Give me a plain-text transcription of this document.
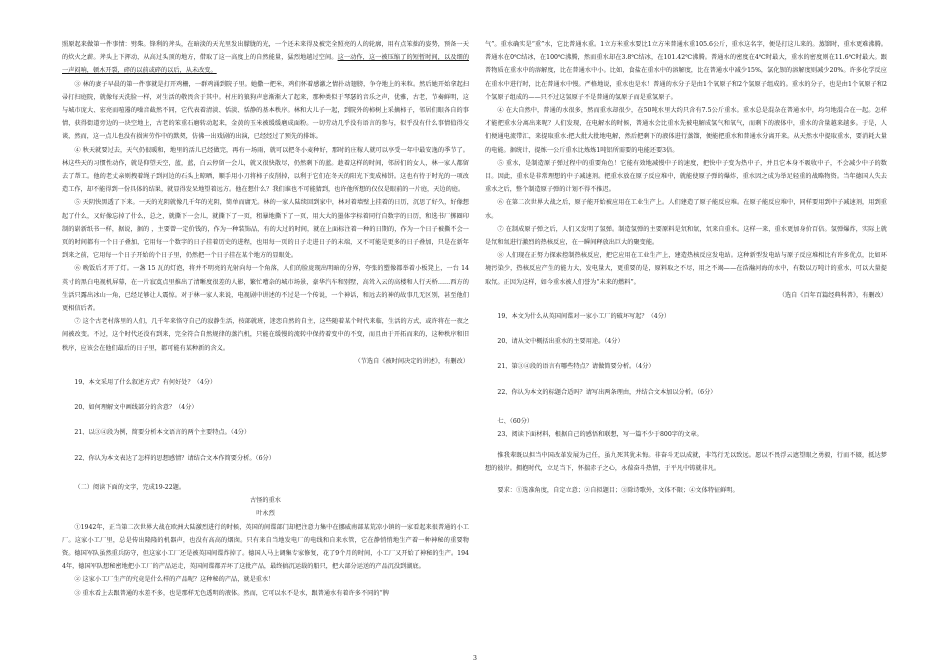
照原起来做第一件事情：劈柴。锋利的斧头，在暗淡的天光里发出朦胧的光，一个还未来得及被完全照亮的人的轮廓，用有点笨拙的姿势，预备一天的炊火之薪。斧头上下挥动，从高过头顶的地方，借取了这一高度上的自然能量，猛烈地越过空间。这一动作，这一被压缩了的短暂时间，以及细的一声闷响，顿木开裂，碎的以前或碎的以后，从未改变。

③ 林的妻子早晨的第一件事就是打开鸡栅，一群鸡涌到院子里。她撒一把米，鸡们怀着感激之情扑动翅膀，争夺地上的米粒。然后她开始拿起扫帚打扫庭院，就像每天洗脸一样，对生活的敬畏含于其中。村庄的狼狗声息渐渐大了起来，那种类似于琴瑟的音乐之声，优雅，古老，节奏鲜明，这与城市庞大、宏亮而喧嚣的噪音截然不同，它代表着清淡、恬淡、恬静的基本秩序。林和大儿子一起，到院外的柿树上采摘柿子，邻居们眼各自的事情，获得街道旁边的一块空地上，古老的笨重石磨转动起来，金黄的玉米被缓缓磨成面粉。一切劳动几乎没有语言的参与，似乎没有什么事情值得交谈，然而，这一点儿也没有损害劳作中的默契，仿佛一出戏剧的出演，已经经过了预先的排练。

④ 秋天就要过去，天气仍很暖和，地里的活儿已经做完，再有一场雨，就可以把冬小麦种好，那时的庄稼人就可以享受一年中最安逸的季节了。林这些天的习惯性动作，就是仰望天空，蓝，蓝，白云停留一会儿，就又很快散尽，仍然剩下的蓝。趁着这样的时间，邻居们的女人，林一家人都留去了帮工。他的老丈亲则拽着绳子到河边的石头上晾晒，顺手用小刀将柿子皮削掉，以利于它们在冬天的阳光下变成柿饼。这也有待于时光的一项改造工作，却不能得到一份具体的结果，就显得发呆地望着远方。他在想什么？我们谁也不可能猜到，也许他所想的仅仅是眼前的一片庭，天边的庭。

⑤ 天阴快黑透了下来。一天的光阴就像几千年的光阴，简单而庸无。林的一家人陆续回到家中，林对着墙壁上挂着的日历，沉思了好久，好像想起了什么，又好像忘掉了什么，总之，就撕下一会儿，就撕下了一页，租暴地撕下了一页，用大大的墨体字标着同行自数字的日历，和选书厂掷圈印制的崭新纸书一样，据说，据的 ，主要曾一定价钱的，作为一种装饰品，有的大过的时间，就在上面标注着一种的日期的，作为一个日子被撕不会一页的时间都有一个日子叠加，它用每一个数字的日子挂着历史的进程，也用每一页的日子走进日子的末端，又不可能是更多的日子叠加，只是在新年到来之前，它用每一个日子开始的个日子里，仍然把一个日子挂在某个地方的显眼处。

⑥ 晚饭后才开了灯。一盏 15 瓦的灯泡，将并不明亮的光射向每一个角落，人们的脸庞现出明暗的分界，夸张的塑像都举着小板凳上，一台 14 英寸的黑白电视机屏幕，在一片寂寞点里推出了清晰度很差的人影，繁忙嘈杂的城市场景，豪华汽车和别墅，高耸入云的高楼和人行天桥……西方的生活只露出冰山一角，已经足够让人震惊。对于林一家人来说，电视剧中讲述的不过是一个传说，一个神话，和远去的神的故事几无区别，甚至他们更相信后者。

⑦ 这个古老村落里的人们，几千年来恪守自己的寂静生活，按部就班，迷恋自然的自主，这些随着某个时代来临，生活的方式，或许将在一夜之间被改变。不过，这个时代还没有到来，完全符合自然规律的蒸汽机，只能在缓慢的流转中保持着变中的不变，而且由于开拓而来的，这种秩序和旧秩序，应该会在他们最后的日子里，都可能有某种新的含义。

（节选自《被时间决定的讲述》，有删改）

19、本文采用了什么叙述方式？有何好处？（4分）

20、如何理解文中画线部分的含意？（4分）

21、以③④段为例，简要分析本文语言的两个主要特点。（4分）

22、你认为本文表达了怎样的思想感情？请结合文本作简要分析。（6分）

（二）阅读下面的文字，完成19-22题。

古怪的重水

叶永烈

①1942年，正当第二次世界大战在欧洲大陆激烈进行的时候，英国的间谍部门却把注意力集中在挪威南部某荒凉小镇的一家看起来很普通的小工厂。这家小工厂里，总是传出隆隆的机器声，也没有高高的烟囱。只有来自当地发电厂的电线和自来水管，它在静悄悄地生产着一种神秘的重要物资。德国军队虽然重兵防守，但这家小工厂还是被英国间谍炸掉了。德国人马上调集专家修复，花了9个月的时间，小工厂又开始了神秘的生产。1944年，德国军队想秘密地把小工厂的产品运走，英国间谍都弄坏了这批产品，最终搞沉运载的船只，把大部分运送的产品沉没到湖底。

② 这家小工厂生产的究竟是什么样的产品呢？这种秘的产品，就是重水！

③ 重水看上去跟普通的水差不多，也是那样无色透明的液体。然而，它可以水不是水，跟普通水有着许多不同的“脾

气”。重水确实是“重”水，它比普通水重。1立方米重水要比1立方米普通水重105.6公斤，重水这名字，便是打这儿来的。蒸馏时，重水更难沸腾。普通水在0℃结冰，在100℃沸腾，然而重水却在3.8℃结冰，在101.42℃沸腾。普通水的密度在4℃时最大，重水的密度则在11.6℃时最大。跟普物质在重水中的溶解度，比在普通水中小。比如，食盐在重水中的溶解度，比在普通水中减少15%，氯化钡的溶解度则减少20%。许多化学反应在重水中进行时，比在普通水中慢。严格地说，重水也是水！普通的水分子是由1个氧原子和2个氢原子组成的。重水的分子，也是由1个氧原子和2个氢原子组成的——只不过这氢原子不是普通的氢原子而是重氢原子。

④ 在大自然中，普通的水很多，然而重水却很少，在50吨水里大约只含有7.5公斤重水。重水总是混杂在普通水中，均匀地混合在一起。怎样才能把重水分离出来呢？人们发现，在电解水的时候，普通水会比重水先被电解成氢气和氧气，而剩下的液体中，重水的含量越来越多。于是，人们便通电流带汇，来提取重水:把大批大批地电解，然后把剩下的液体进行蒸馏，便能把重水和普通水分离开来。从天然水中提取重水，要消耗大量的电能。据统计，提炼一公斤重水比炼炼1吨铝所需要的电能还要3倍。

⑤ 重水，是制造原子弹过程中的重要角色！它能有效地减慢中子的速度，把快中子变为热中子，并且它本身不吸收中子，不会减少中子的数目。因此，重水是非常理想的中子减速剂。把重水放在原子反应堆中，就能使原子弹的爆炸，重水因之成为举足轻重的战略物资。当年德国人失去重水之后，整个制造原子弹的计划不得不推迟。

⑥ 在第二次世界大战之后，原子能开始被应用在工业生产上。人们建造了原子能反应堆。在原子能反应堆中，同样要用到中子减速剂，用到重水。

⑦ 在制成原子弹之后，人们又发明了氢弹。制造氢弹的主要原料是氘和氚，氘来自重水。这样一来，重水更加身价百倍。氢弹爆炸，实际上就是氘和氚进行激烈的热核反应，在一瞬间释放出巨大的聚变能。

⑧ 人们现在正努力探索控制热核反应，把它应用在工业生产上，建造热核反应发电站。这种新型发电站与原子反应堆相比有许多优点，比如环境污染少，热核反应产生的能力大，发电量大，更重要的是，原料取之不尽，用之不竭——在浩瀚河海的水中，有数以万吨计的重水，可以大量提取氘。正因为这样，如今重水被人们誉为“未来的燃料”。

（选自《百年百篇经典科普》，有删改）

19、本文为什么从英国间谍对一家小工厂的破坏写起？（4分）

20、请从文中概括出重水的主要用途。（4分）

21、第③④段的语言有哪些特点？请做简要分析。（4分）

22、你认为本文的标题合适吗？请写出两条理由，并结合文本加以分析。（6分）

七、（60分）

23、阅读下面材料，根据自己的感悟和联想，写一篇不少于800字的文章。

惟我辈既以担当中国改革发展为己任，虽九死其犹未悔。非奋斗无以成就，非笃行无以致远。愿以不畏浮云遮望眼之勇毅，行而不辍，抵达梦想的彼岸。拥抱时代，立足当下，怀揣赤子之心，永葆奋斗热情，于平凡中铸就非凡。

要求：①选准角度，自定立意；②自拟题目；③除诗歌外，文体不限；④文体特征鲜明。

3
